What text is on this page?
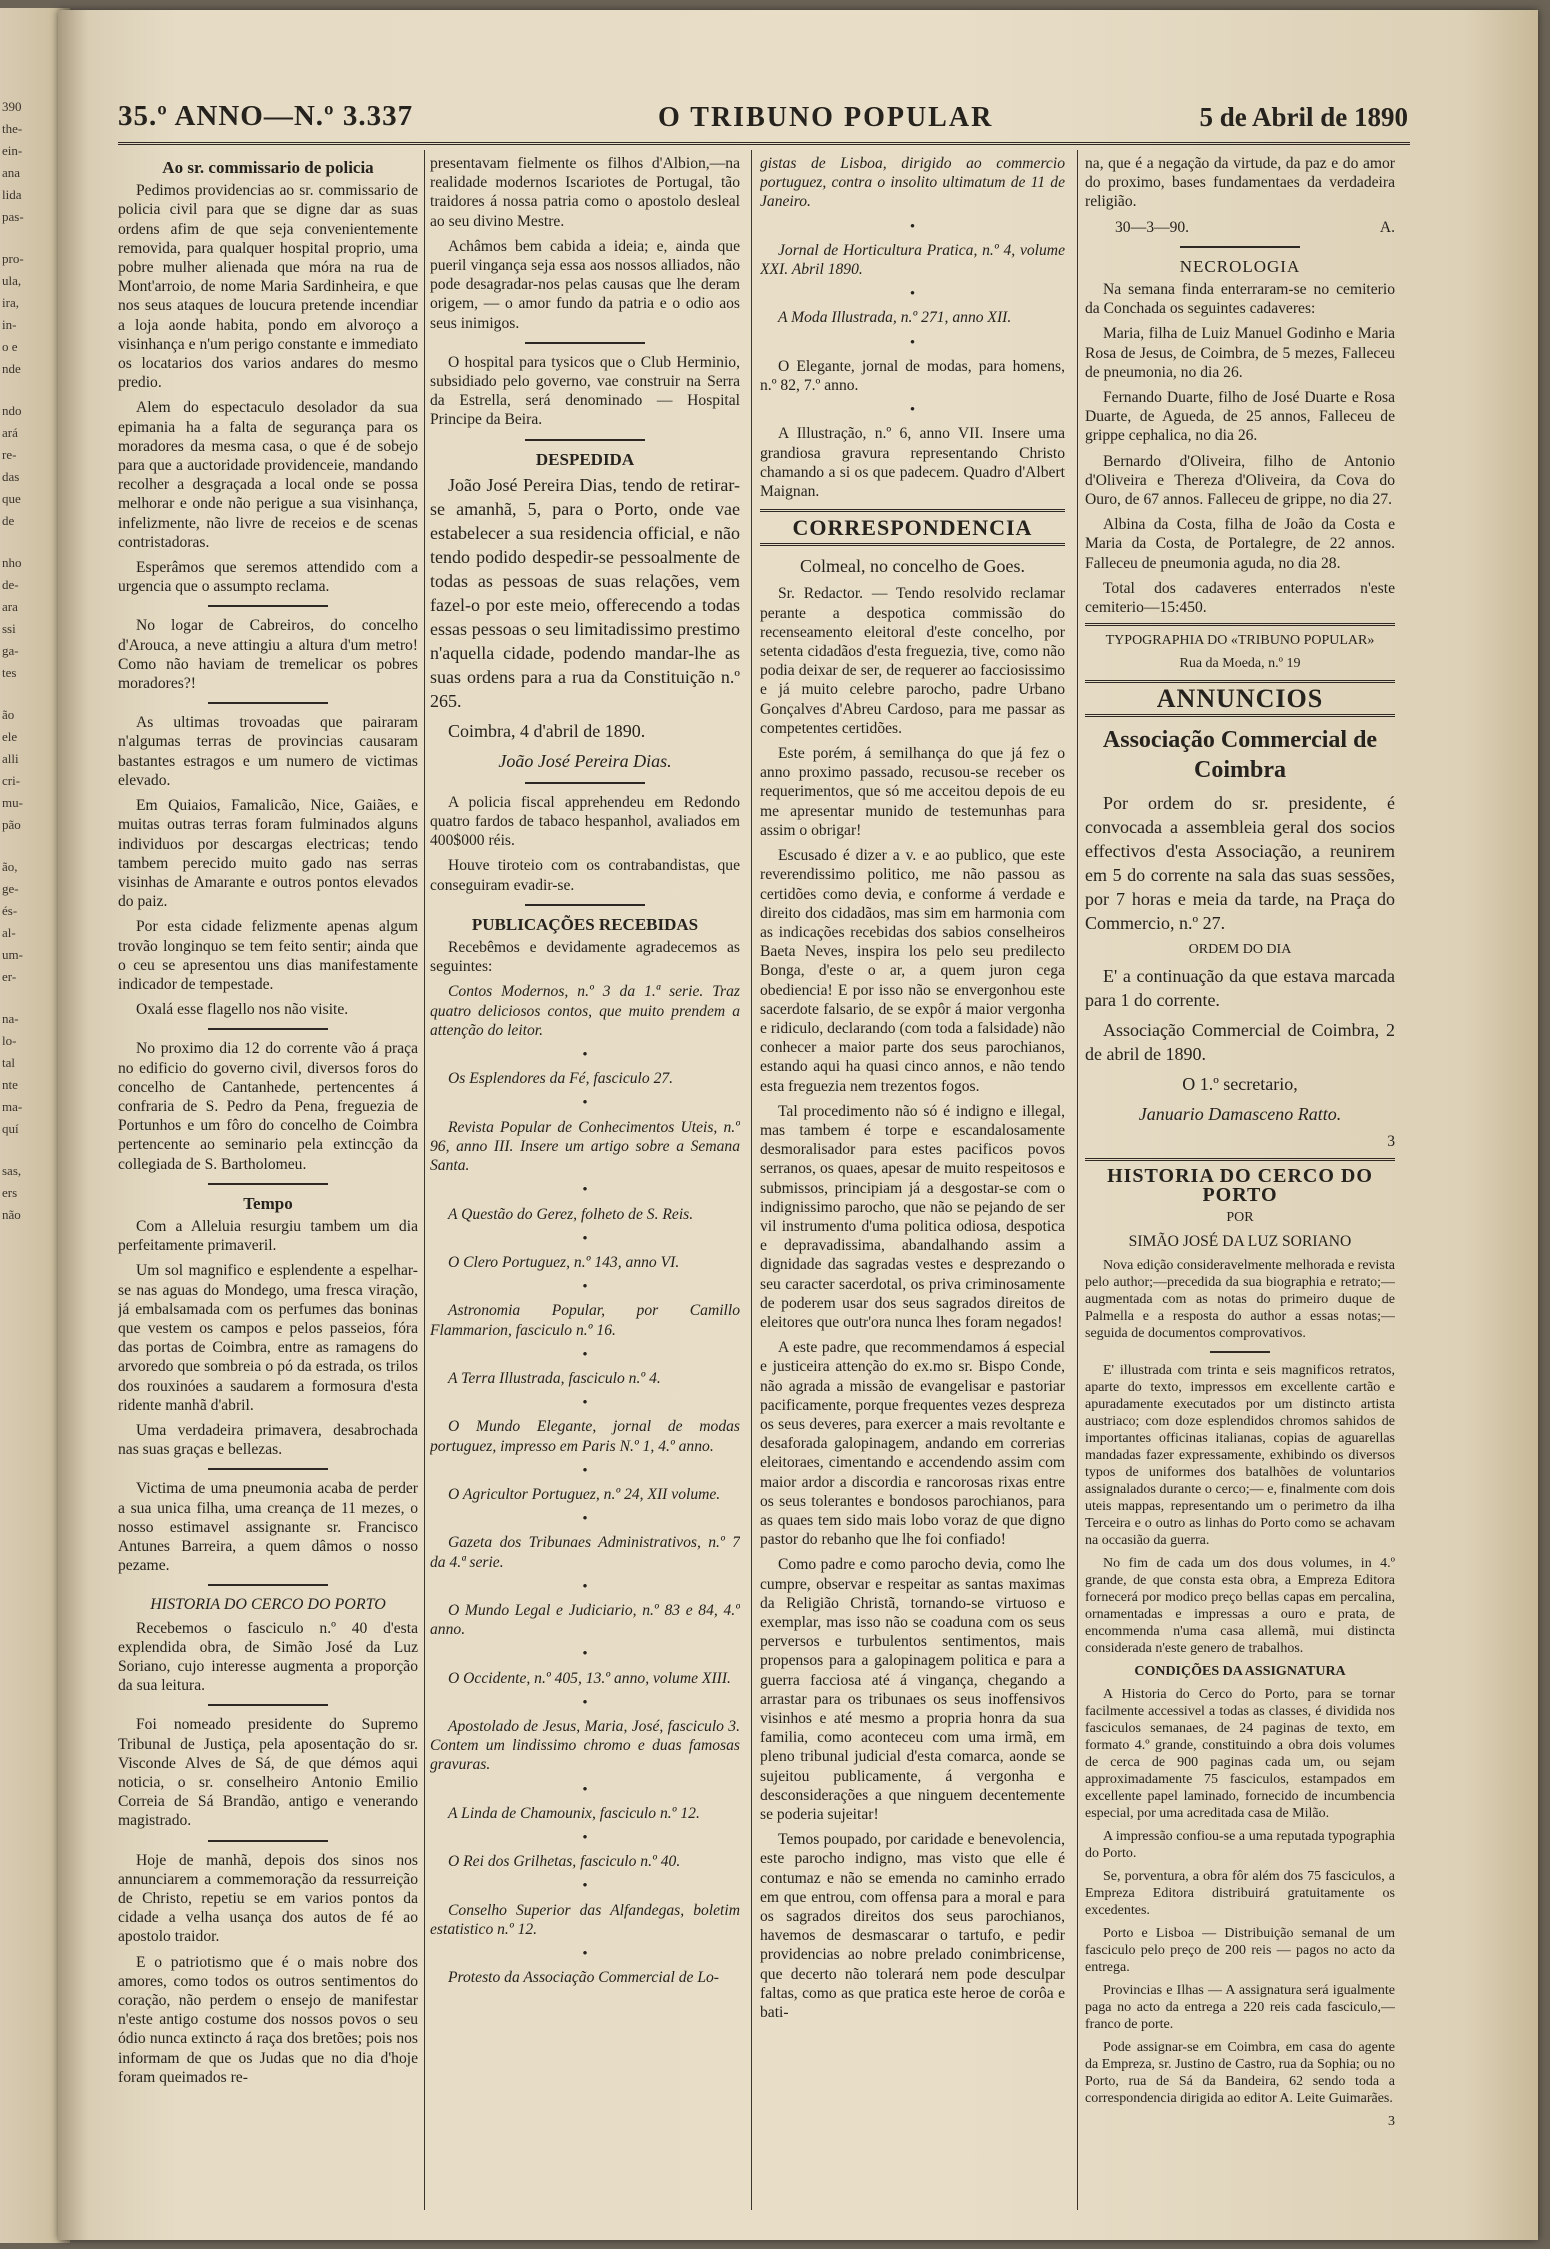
390
the-
ein-
ana
lida
pas-
pro-
ula,
ira,
in-
o e
nde
ndo
ará
re-
das
que
de
nho
de-
ara
ssi
ga-
tes
ão
ele
alli
cri-
mu-
pão
ão,
ge-
és-
al-
um-
er-
na-
lo-
tal
nte
ma-
quí
sas,
ers
não
35.º ANNO—N.º 3.337	O TRIBUNO POPULAR	5 de Abril de 1890
Ao sr. commissario de policia

Pedimos providencias ao sr. commissario de policia civil para que se digne dar as suas ordens afim de que seja convenientemente removida, para qualquer hospital proprio, uma pobre mulher alienada que móra na rua de Mont'arroio, de nome Maria Sardinheira, e que nos seus ataques de loucura pretende incendiar a loja aonde habita, pondo em alvoroço a visinhança e n'um perigo constante e immediato os locatarios dos varios andares do mesmo predio.

Alem do espectaculo desolador da sua epimania ha a falta de segurança para os moradores da mesma casa, o que é de sobejo para que a auctoridade providenceie, mandando recolher a desgraçada a local onde se possa melhorar e onde não perigue a sua visinhança, infelizmente, não livre de receios e de scenas contristadoras.

Esperâmos que seremos attendido com a urgencia que o assumpto reclama.

No logar de Cabreiros, do concelho d'Arouca, a neve attingiu a altura d'um metro! Como não haviam de tremelicar os pobres moradores?!

As ultimas trovoadas que pairaram n'algumas terras de provincias causaram bastantes estragos e um numero de victimas elevado.

Em Quiaios, Famalicão, Nice, Gaiães, e muitas outras terras foram fulminados alguns individuos por descargas electricas; tendo tambem perecido muito gado nas serras visinhas de Amarante e outros pontos elevados do paiz.

Por esta cidade felizmente apenas algum trovão longinquo se tem feito sentir; ainda que o ceu se apresentou uns dias manifestamente indicador de tempestade.

Oxalá esse flagello nos não visite.

No proximo dia 12 do corrente vão á praça no edificio do governo civil, diversos foros do concelho de Cantanhede, pertencentes á confraria de S. Pedro da Pena, freguezia de Portunhos e um fôro do concelho de Coimbra pertencente ao seminario pela extincção da collegiada de S. Bartholomeu.

Tempo

Com a Alleluia resurgiu tambem um dia perfeitamente primaveril.

Um sol magnifico e esplendente a espelhar-se nas aguas do Mondego, uma fresca viração, já embalsamada com os perfumes das boninas que vestem os campos e pelos passeios, fóra das portas de Coimbra, entre as ramagens do arvoredo que sombreia o pó da estrada, os trilos dos rouxinóes a saudarem a formosura d'esta ridente manhã d'abril.

Uma verdadeira primavera, desabrochada nas suas graças e bellezas.

Victima de uma pneumonia acaba de perder a sua unica filha, uma creança de 11 mezes, o nosso estimavel assignante sr. Francisco Antunes Barreira, a quem dâmos o nosso pezame.

HISTORIA DO CERCO DO PORTO

Recebemos o fasciculo n.º 40 d'esta explendida obra, de Simão José da Luz Soriano, cujo interesse augmenta a proporção da sua leitura.

Foi nomeado presidente do Supremo Tribunal de Justiça, pela aposentação do sr. Visconde Alves de Sá, de que démos aqui noticia, o sr. conselheiro Antonio Emilio Correia de Sá Brandão, antigo e venerando magistrado.

Hoje de manhã, depois dos sinos nos annunciarem a commemoração da ressurreição de Christo, repetiu se em varios pontos da cidade a velha usança dos autos de fé ao apostolo traidor.

E o patriotismo que é o mais nobre dos amores, como todos os outros sentimentos do coração, não perdem o ensejo de manifestar n'este antigo costume dos nossos povos o seu ódio nunca extincto á raça dos bretões; pois nos informam de que os Judas que no dia d'hoje foram queimados re-

presentavam fielmente os filhos d'Albion,—na realidade modernos Iscariotes de Portugal, tão traidores á nossa patria como o apostolo desleal ao seu divino Mestre.

Achâmos bem cabida a ideia; e, ainda que pueril vingança seja essa aos nossos alliados, não pode desagradar-nos pelas causas que lhe deram origem, — o amor fundo da patria e o odio aos seus inimigos.

O hospital para tysicos que o Club Herminio, subsidiado pelo governo, vae construir na Serra da Estrella, será denominado — Hospital Principe da Beira.

DESPEDIDA

João José Pereira Dias, tendo de retirar-se amanhã, 5, para o Porto, onde vae estabelecer a sua residencia official, e não tendo podido despedir-se pessoalmente de todas as pessoas de suas relações, vem fazel-o por este meio, offerecendo a todas essas pessoas o seu limitadissimo prestimo n'aquella cidade, podendo mandar-lhe as suas ordens para a rua da Constituição n.º 265.

Coimbra, 4 d'abril de 1890.

João José Pereira Dias.

A policia fiscal apprehendeu em Redondo quatro fardos de tabaco hespanhol, avaliados em 400$000 réis.

Houve tiroteio com os contrabandistas, que conseguiram evadir-se.

PUBLICAÇÕES RECEBIDAS

Recebêmos e devidamente agradecemos as seguintes:

Contos Modernos, n.º 3 da 1.ª serie. Traz quatro deliciosos contos, que muito prendem a attenção do leitor.

•

Os Esplendores da Fé, fasciculo 27.

•

Revista Popular de Conhecimentos Uteis, n.º 96, anno III. Insere um artigo sobre a Semana Santa.

•

A Questão do Gerez, folheto de S. Reis.

•

O Clero Portuguez, n.º 143, anno VI.

•

Astronomia Popular, por Camillo Flammarion, fasciculo n.º 16.

•

A Terra Illustrada, fasciculo n.º 4.

•

O Mundo Elegante, jornal de modas portuguez, impresso em Paris N.º 1, 4.º anno.

•

O Agricultor Portuguez, n.º 24, XII volume.

•

Gazeta dos Tribunaes Administrativos, n.º 7 da 4.ª serie.

•

O Mundo Legal e Judiciario, n.º 83 e 84, 4.º anno.

•

O Occidente, n.º 405, 13.º anno, volume XIII.

•

Apostolado de Jesus, Maria, José, fasciculo 3. Contem um lindissimo chromo e duas famosas gravuras.

•

A Linda de Chamounix, fasciculo n.º 12.

•

O Rei dos Grilhetas, fasciculo n.º 40.

•

Conselho Superior das Alfandegas, boletim estatistico n.º 12.

•

Protesto da Associação Commercial de Lo-

gistas de Lisboa, dirigido ao commercio portuguez, contra o insolito ultimatum de 11 de Janeiro.

•

Jornal de Horticultura Pratica, n.º 4, volume XXI. Abril 1890.

•

A Moda Illustrada, n.º 271, anno XII.

•

O Elegante, jornal de modas, para homens, n.º 82, 7.º anno.

•

A Illustração, n.º 6, anno VII. Insere uma grandiosa gravura representando Christo chamando a si os que padecem. Quadro d'Albert Maignan.

CORRESPONDENCIA

Colmeal, no concelho de Goes.

Sr. Redactor. — Tendo resolvido reclamar perante a despotica commissão do recenseamento eleitoral d'este concelho, por setenta cidadãos d'esta freguezia, tive, como não podia deixar de ser, de requerer ao facciosissimo e já muito celebre parocho, padre Urbano Gonçalves d'Abreu Cardoso, para me passar as competentes certidões.

Este porém, á semilhança do que já fez o anno proximo passado, recusou-se receber os requerimentos, que só me acceitou depois de eu me apresentar munido de testemunhas para assim o obrigar!

Escusado é dizer a v. e ao publico, que este reverendissimo politico, me não passou as certidões como devia, e conforme á verdade e direito dos cidadãos, mas sim em harmonia com as indicações recebidas dos sabios conselheiros Baeta Neves, inspira los pelo seu predilecto Bonga, d'este o ar, a quem juron cega obediencia! E por isso não se envergonhou este sacerdote falsario, de se expôr á maior vergonha e ridiculo, declarando (com toda a falsidade) não conhecer a maior parte dos seus parochianos, estando aqui ha quasi cinco annos, e não tendo esta freguezia nem trezentos fogos.

Tal procedimento não só é indigno e illegal, mas tambem é torpe e escandalosamente desmoralisador para estes pacificos povos serranos, os quaes, apesar de muito respeitosos e submissos, principiam já a desgostar-se com o indignissimo parocho, que não se pejando de ser vil instrumento d'uma politica odiosa, despotica e depravadissima, abandalhando assim a dignidade das sagradas vestes e desprezando o seu caracter sacerdotal, os priva criminosamente de poderem usar dos seus sagrados direitos de eleitores que outr'ora nunca lhes foram negados!

A este padre, que recommendamos á especial e justiceira attenção do ex.mo sr. Bispo Conde, não agrada a missão de evangelisar e pastoriar pacificamente, porque frequentes vezes despreza os seus deveres, para exercer a mais revoltante e desaforada galopinagem, andando em correrias eleitoraes, cimentando e accendendo assim com maior ardor a discordia e rancorosas rixas entre os seus tolerantes e bondosos parochianos, para as quaes tem sido mais lobo voraz de que digno pastor do rebanho que lhe foi confiado!

Como padre e como parocho devia, como lhe cumpre, observar e respeitar as santas maximas da Religião Christã, tornando-se virtuoso e exemplar, mas isso não se coaduna com os seus perversos e turbulentos sentimentos, mais propensos para a galopinagem politica e para a guerra facciosa até á vingança, chegando a arrastar para os tribunaes os seus inoffensivos visinhos e até mesmo a propria honra da sua familia, como aconteceu com uma irmã, em pleno tribunal judicial d'esta comarca, aonde se sujeitou publicamente, á vergonha e desconsiderações a que ninguem decentemente se poderia sujeitar!

Temos poupado, por caridade e benevolencia, este parocho indigno, mas visto que elle é contumaz e não se emenda no caminho errado em que entrou, com offensa para a moral e para os sagrados direitos dos seus parochianos, havemos de desmascarar o tartufo, e pedir providencias ao nobre prelado conimbricense, que decerto não tolerará nem pode desculpar faltas, como as que pratica este heroe de corôa e bati-

na, que é a negação da virtude, da paz e do amor do proximo, bases fundamentaes da verdadeira religião.

30—3—90.	A.

NECROLOGIA

Na semana finda enterraram-se no cemiterio da Conchada os seguintes cadaveres:

Maria, filha de Luiz Manuel Godinho e Maria Rosa de Jesus, de Coimbra, de 5 mezes, Falleceu de pneumonia, no dia 26.

Fernando Duarte, filho de José Duarte e Rosa Duarte, de Agueda, de 25 annos, Falleceu de grippe cephalica, no dia 26.

Bernardo d'Oliveira, filho de Antonio d'Oliveira e Thereza d'Oliveira, da Cova do Ouro, de 67 annos. Falleceu de grippe, no dia 27.

Albina da Costa, filha de João da Costa e Maria da Costa, de Portalegre, de 22 annos. Falleceu de pneumonia aguda, no dia 28.

Total dos cadaveres enterrados n'este cemiterio—15:450.

TYPOGRAPHIA DO «TRIBUNO POPULAR»

Rua da Moeda, n.º 19

ANNUNCIOS
Associação Commercial de Coimbra

Por ordem do sr. presidente, é convocada a assembleia geral dos socios effectivos d'esta Associação, a reunirem em 5 do corrente na sala das suas sessões, por 7 horas e meia da tarde, na Praça do Commercio, n.º 27.

ORDEM DO DIA

E' a continuação da que estava marcada para 1 do corrente.

Associação Commercial de Coimbra, 2 de abril de 1890.

O 1.º secretario,

Januario Damasceno Ratto.

3

HISTORIA DO CERCO DO PORTO

POR

SIMÃO JOSÉ DA LUZ SORIANO

Nova edição consideravelmente melhorada e revista pelo author;—precedida da sua biographia e retrato;—augmentada com as notas do primeiro duque de Palmella e a resposta do author a essas notas;—seguida de documentos comprovativos.

E' illustrada com trinta e seis magnificos retratos, aparte do texto, impressos em excellente cartão e apuradamente executados por um distincto artista austriaco; com doze esplendidos chromos sahidos de importantes officinas italianas, copias de aguarellas mandadas fazer expressamente, exhibindo os diversos typos de uniformes dos batalhões de voluntarios assignalados durante o cerco;— e, finalmente com dois uteis mappas, representando um o perimetro da ilha Terceira e o outro as linhas do Porto como se achavam na occasião da guerra.

No fim de cada um dos dous volumes, in 4.º grande, de que consta esta obra, a Empreza Editora fornecerá por modico preço bellas capas em percalina, ornamentadas e impressas a ouro e prata, de encommenda n'uma casa allemã, mui distincta considerada n'este genero de trabalhos.

CONDIÇÕES DA ASSIGNATURA

A Historia do Cerco do Porto, para se tornar facilmente accessivel a todas as classes, é dividida nos fasciculos semanaes, de 24 paginas de texto, em formato 4.º grande, constituindo a obra dois volumes de cerca de 900 paginas cada um, ou sejam approximadamente 75 fasciculos, estampados em excellente papel laminado, fornecido de incumbencia especial, por uma acreditada casa de Milão.

A impressão confiou-se a uma reputada typographia do Porto.

Se, porventura, a obra fôr além dos 75 fasciculos, a Empreza Editora distribuirá gratuitamente os excedentes.

Porto e Lisboa — Distribuição semanal de um fasciculo pelo preço de 200 reis — pagos no acto da entrega.

Provincias e Ilhas — A assignatura será igualmente paga no acto da entrega a 220 reis cada fasciculo,—franco de porte.

Pode assignar-se em Coimbra, em casa do agente da Empreza, sr. Justino de Castro, rua da Sophia; ou no Porto, rua de Sá da Bandeira, 62 sendo toda a correspondencia dirigida ao editor A. Leite Guimarães.

3
